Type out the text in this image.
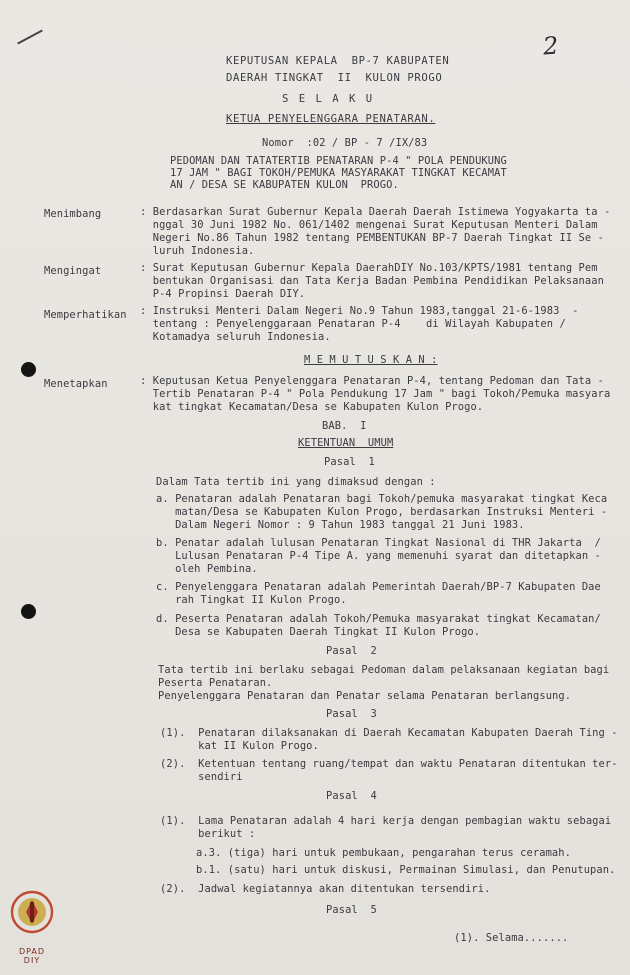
2
KEPUTUSAN KEPALA  BP-7 KABUPATEN
DAERAH TINGKAT  II  KULON PROGO
S E L A K U
KETUA PENYELENGGARA PENATARAN.
Nomor  :02 / BP - 7 /IX/83
PEDOMAN DAN TATATERTIB PENATARAN P-4 " POLA PENDUKUNG
17 JAM " BAGI TOKOH/PEMUKA MASYARAKAT TINGKAT KECAMAT
AN / DESA SE KABUPATEN KULON  PROGO.
Menimbang	: Berdasarkan Surat Gubernur Kepala Daerah Daerah Istimewa Yogyakarta ta -
nggal 30 Juni 1982 No. 061/1402 mengenai Surat Keputusan Menteri Dalam
Negeri No.86 Tahun 1982 tentang PEMBENTUKAN BP-7 Daerah Tingkat II Se -
luruh Indonesia.
Mengingat	: Surat Keputusan Gubernur Kepala DaerahDIY No.103/KPTS/1981 tentang Pem
bentukan Organisasi dan Tata Kerja Badan Pembina Pendidikan Pelaksanaan
P-4 Propinsi Daerah DIY.
Memperhatikan : Instruksi Menteri Dalam Negeri No.9 Tahun 1983,tanggal 21-6-1983  -
tentang : Penyelenggaraan Penataran P-4    di Wilayah Kabupaten /
Kotamadya seluruh Indonesia.
M E M U T U S K A N :
Menetapkan	: Keputusan Ketua Penyelenggara Penataran P-4, tentang Pedoman dan Tata -
Tertib Penataran P-4 " Pola Pendukung 17 Jam " bagi Tokoh/Pemuka masyara
kat tingkat Kecamatan/Desa se Kabupaten Kulon Progo.
BAB.  I
KETENTUAN  UMUM
Pasal  1
Dalam Tata tertib ini yang dimaksud dengan :
a. Penataran adalah Penataran bagi Tokoh/pemuka masyarakat tingkat Keca
matan/Desa se Kabupaten Kulon Progo, berdasarkan Instruksi Menteri -
Dalam Negeri Nomor : 9 Tahun 1983 tanggal 21 Juni 1983.
b. Penatar adalah lulusan Penataran Tingkat Nasional di THR Jakarta  /
Lulusan Penataran P-4 Tipe A. yang memenuhi syarat dan ditetapkan -
oleh Pembina.
c. Penyelenggara Penataran adalah Pemerintah Daerah/BP-7 Kabupaten Dae
rah Tingkat II Kulon Progo.
d. Peserta Penataran adalah Tokoh/Pemuka masyarakat tingkat Kecamatan/
Desa se Kabupaten Daerah Tingkat II Kulon Progo.
Pasal  2
Tata tertib ini berlaku sebagai Pedoman dalam pelaksanaan kegiatan bagi
Peserta Penataran.
Penyelenggara Penataran dan Penatar selama Penataran berlangsung.
Pasal  3
(1).  Penataran dilaksanakan di Daerah Kecamatan Kabupaten Daerah Ting -
kat II Kulon Progo.
(2).  Ketentuan tentang ruang/tempat dan waktu Penataran ditentukan ter-
sendiri
Pasal  4
(1).  Lama Penataran adalah 4 hari kerja dengan pembagian waktu sebagai
berikut :
a.3. (tiga) hari untuk pembukaan, pengarahan terus ceramah.
b.1. (satu) hari untuk diskusi, Permainan Simulasi, dan Penutupan.
(2).  Jadwal kegiatannya akan ditentukan tersendiri.
Pasal  5
(1). Selama.......
DPAD
DIY
